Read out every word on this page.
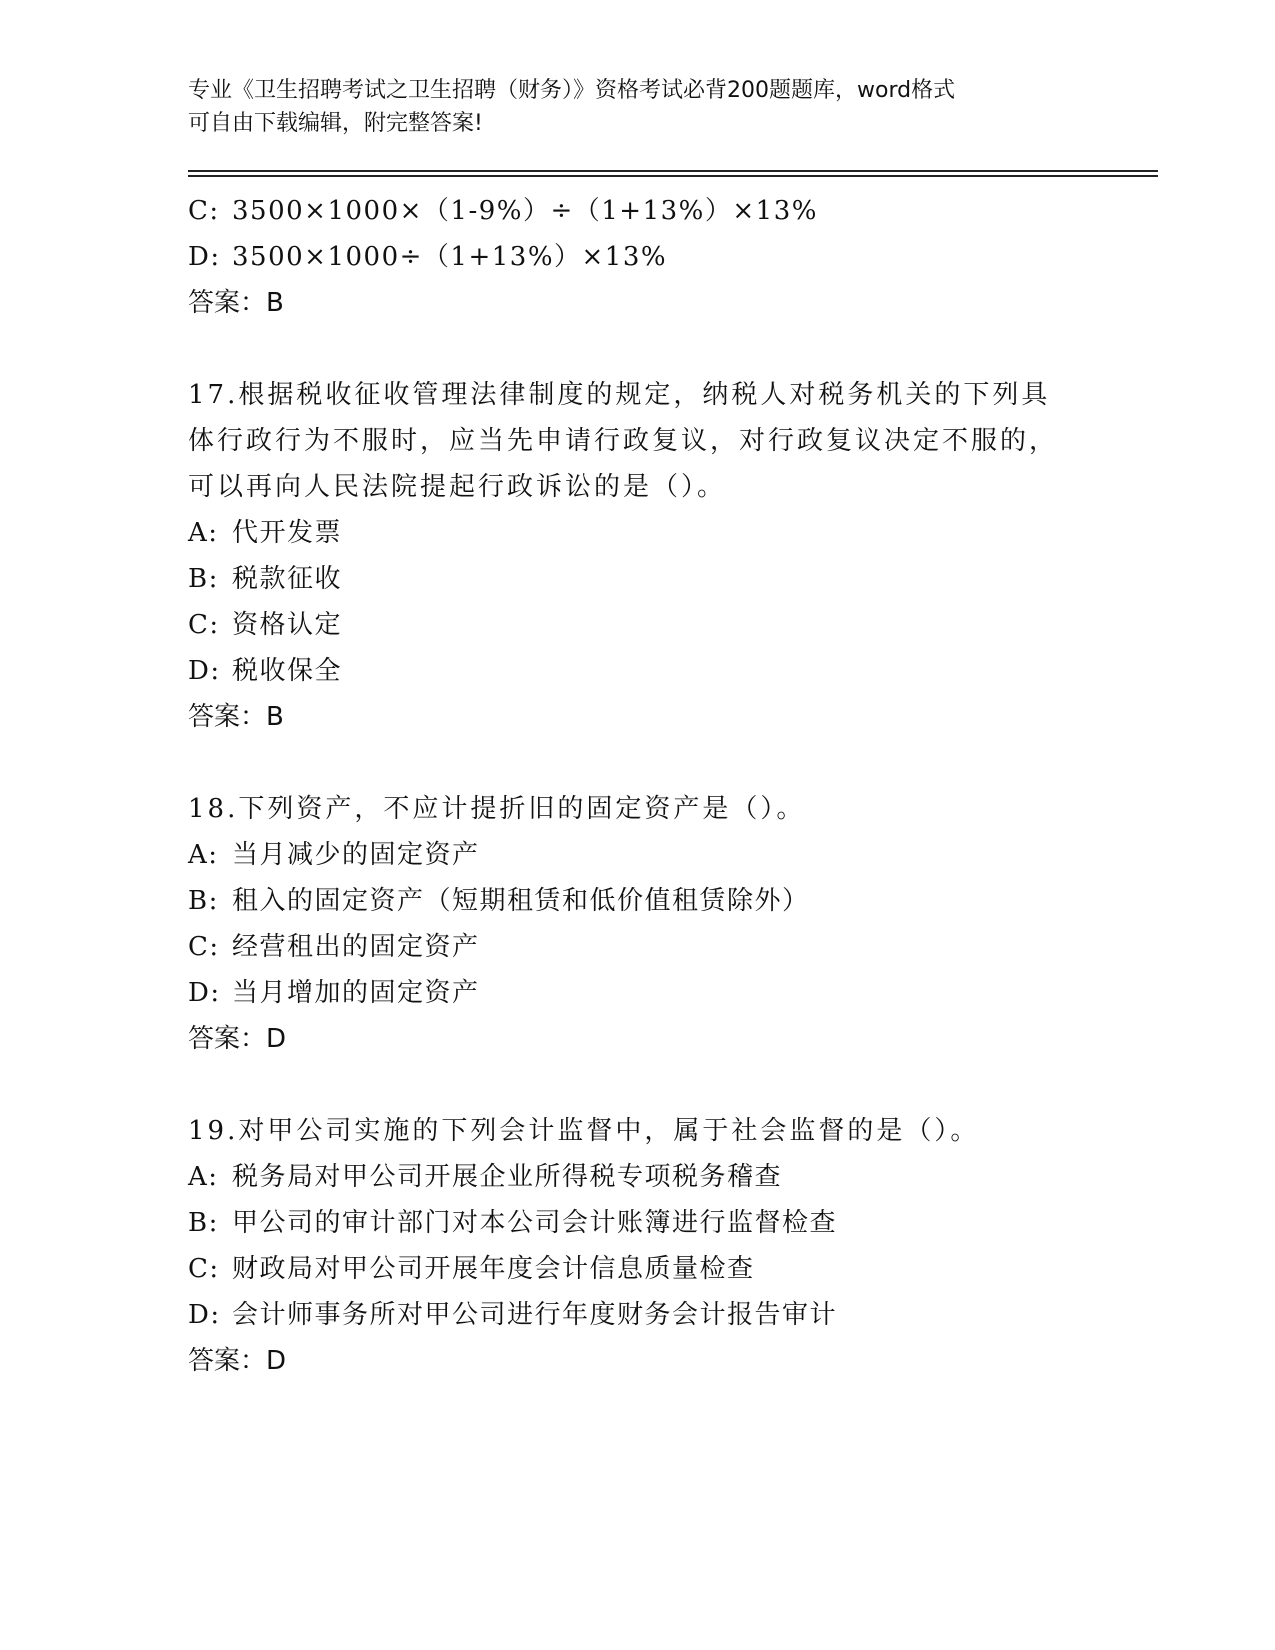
专业《卫生招聘考试之卫生招聘（财务）》资格考试必背200题题库，word格式
可自由下载编辑，附完整答案!
C: 3500×1000×（1-9%）÷（1+13%）×13%
D: 3500×1000÷（1+13%）×13%
答案：B
17.根据税收征收管理法律制度的规定，纳税人对税务机关的下列具体行政行为不服时，应当先申请行政复议，对行政复议决定不服的，可以再向人民法院提起行政诉讼的是（）。
A: 代开发票
B: 税款征收
C: 资格认定
D: 税收保全
答案：B
18.下列资产，不应计提折旧的固定资产是（）。
A: 当月减少的固定资产
B: 租入的固定资产（短期租赁和低价值租赁除外）
C: 经营租出的固定资产
D: 当月增加的固定资产
答案：D
19.对甲公司实施的下列会计监督中，属于社会监督的是（）。
A: 税务局对甲公司开展企业所得税专项税务稽查
B: 甲公司的审计部门对本公司会计账簿进行监督检查
C: 财政局对甲公司开展年度会计信息质量检查
D: 会计师事务所对甲公司进行年度财务会计报告审计
答案：D
